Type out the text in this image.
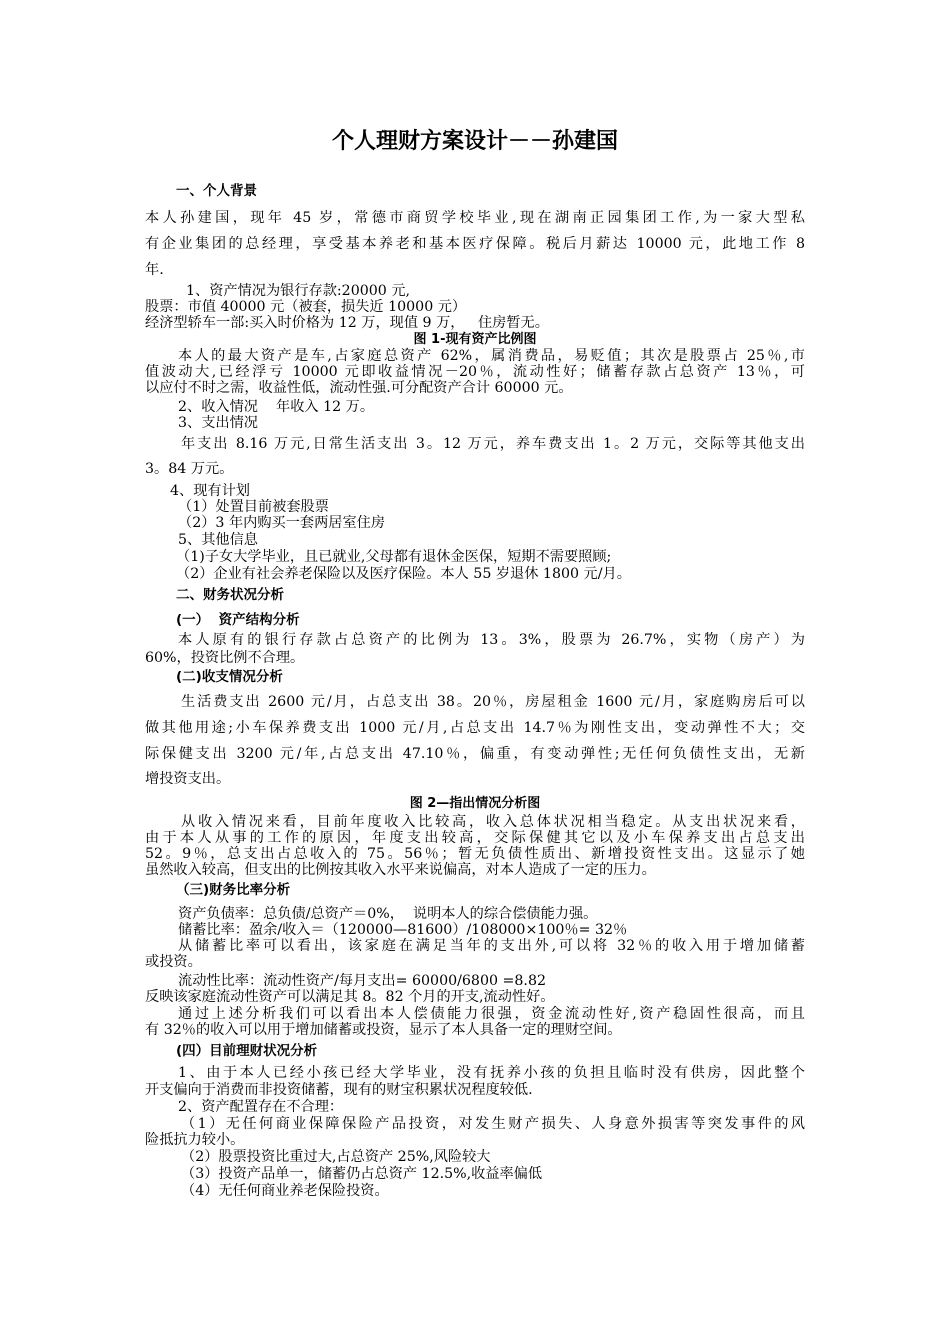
个人理财方案设计－－孙建国
一、个人背景
本人孙建国，现年 45 岁，常德市商贸学校毕业,现在湖南正园集团工作,为一家大型私
有企业集团的总经理，享受基本养老和基本医疗保障。税后月薪达 10000 元，此地工作 8
年.
1、资产情况为银行存款:20000 元,
股票：市值 40000 元（被套，损失近 10000 元）
经济型轿车一部:买入时价格为 12 万，现值 9 万，   住房暂无。
图 1-现有资产比例图
本人的最大资产是车,占家庭总资产 62%，属消费品，易贬值；其次是股票占 25％,市
值波动大,已经浮亏 10000 元即收益情况－20％，流动性好；储蓄存款占总资产 13％，可
以应付不时之需，收益性低，流动性强.可分配资产合计 60000 元。
2、收入情况    年收入 12 万。
3、支出情况
年支出 8.16 万元,日常生活支出 3。12 万元，养车费支出 1。2 万元，交际等其他支出
3。84 万元。
4、现有计划
（1）处置目前被套股票
（2）3 年内购买一套两居室住房
5、其他信息
（1)子女大学毕业，且已就业,父母都有退休金医保，短期不需要照顾;
（2）企业有社会养老保险以及医疗保险。本人 55 岁退休 1800 元/月。
二、财务状况分析
(一）  资产结构分析
本人原有的银行存款占总资产的比例为 13。3%，股票为 26.7%，实物（房产）为
60%，投资比例不合理。
(二)收支情况分析
生活费支出 2600 元/月，占总支出 38。20％，房屋租金 1600 元/月，家庭购房后可以
做其他用途;小车保养费支出 1000 元/月,占总支出 14.7％为刚性支出，变动弹性不大；交
际保健支出 3200 元/年,占总支出 47.10％，偏重，有变动弹性;无任何负债性支出，无新
增投资支出。
图 2—指出情况分析图
从收入情况来看，目前年度收入比较高，收入总体状况相当稳定。从支出状况来看，
由于本人从事的工作的原因，年度支出较高，交际保健其它以及小车保养支出占总支出
52。9％，总支出占总收入的 75。56％；暂无负债性质出、新增投资性支出。这显示了她
虽然收入较高，但支出的比例按其收入水平来说偏高，对本人造成了一定的压力。
（三)财务比率分析
资产负债率：总负债/总资产＝0%，  说明本人的综合偿债能力强。
储蓄比率：盈余/收入＝（120000—81600）/108000×100％= 32％
从储蓄比率可以看出，该家庭在满足当年的支出外,可以将 32％的收入用于增加储蓄
或投资。
流动性比率：流动性资产/每月支出= 60000/6800 =8.82
反映该家庭流动性资产可以满足其 8。82 个月的开支,流动性好。
通过上述分析我们可以看出本人偿债能力很强，资金流动性好,资产稳固性很高，而且
有 32％的收入可以用于增加储蓄或投资，显示了本人具备一定的理财空间。
(四）目前理财状况分析
1、由于本人已经小孩已经大学毕业，没有抚养小孩的负担且临时没有供房，因此整个
开支偏向于消费而非投资储蓄，现有的财宝积累状况程度较低.
2、资产配置存在不合理：
（1）无任何商业保障保险产品投资，对发生财产损失、人身意外损害等突发事件的风
险抵抗力较小。
（2）股票投资比重过大,占总资产 25%,风险较大
（3）投资产品单一，储蓄仍占总资产 12.5%,收益率偏低
（4）无任何商业养老保险投资。
